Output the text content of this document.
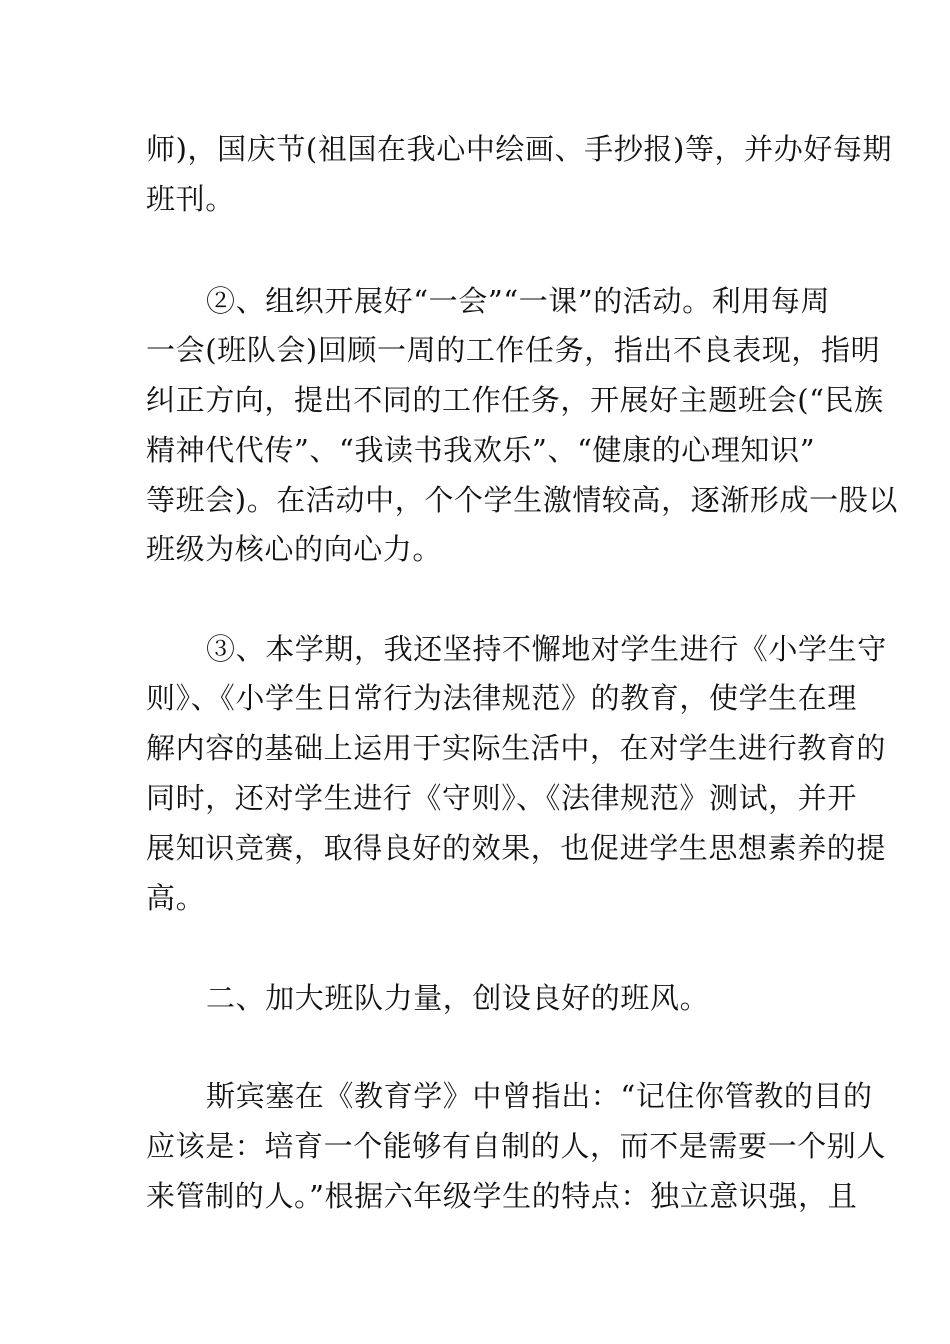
师)，国庆节(祖国在我心中绘画、手抄报)等，并办好每期
班刊。
②、组织开展好“一会”“一课”的活动。利用每周
一会(班队会)回顾一周的工作任务，指出不良表现，指明
纠正方向，提出不同的工作任务，开展好主题班会(“民族
精神代代传”、“我读书我欢乐”、“健康的心理知识”
等班会)。在活动中，个个学生激情较高，逐渐形成一股以
班级为核心的向心力。
③、本学期，我还坚持不懈地对学生进行《小学生守
则》、《小学生日常行为法律规范》的教育，使学生在理
解内容的基础上运用于实际生活中，在对学生进行教育的
同时，还对学生进行《守则》、《法律规范》测试，并开
展知识竞赛，取得良好的效果，也促进学生思想素养的提
高。
二、加大班队力量，创设良好的班风。
斯宾塞在《教育学》中曾指出：“记住你管教的目的
应该是：培育一个能够有自制的人，而不是需要一个别人
来管制的人。”根据六年级学生的特点：独立意识强，且
